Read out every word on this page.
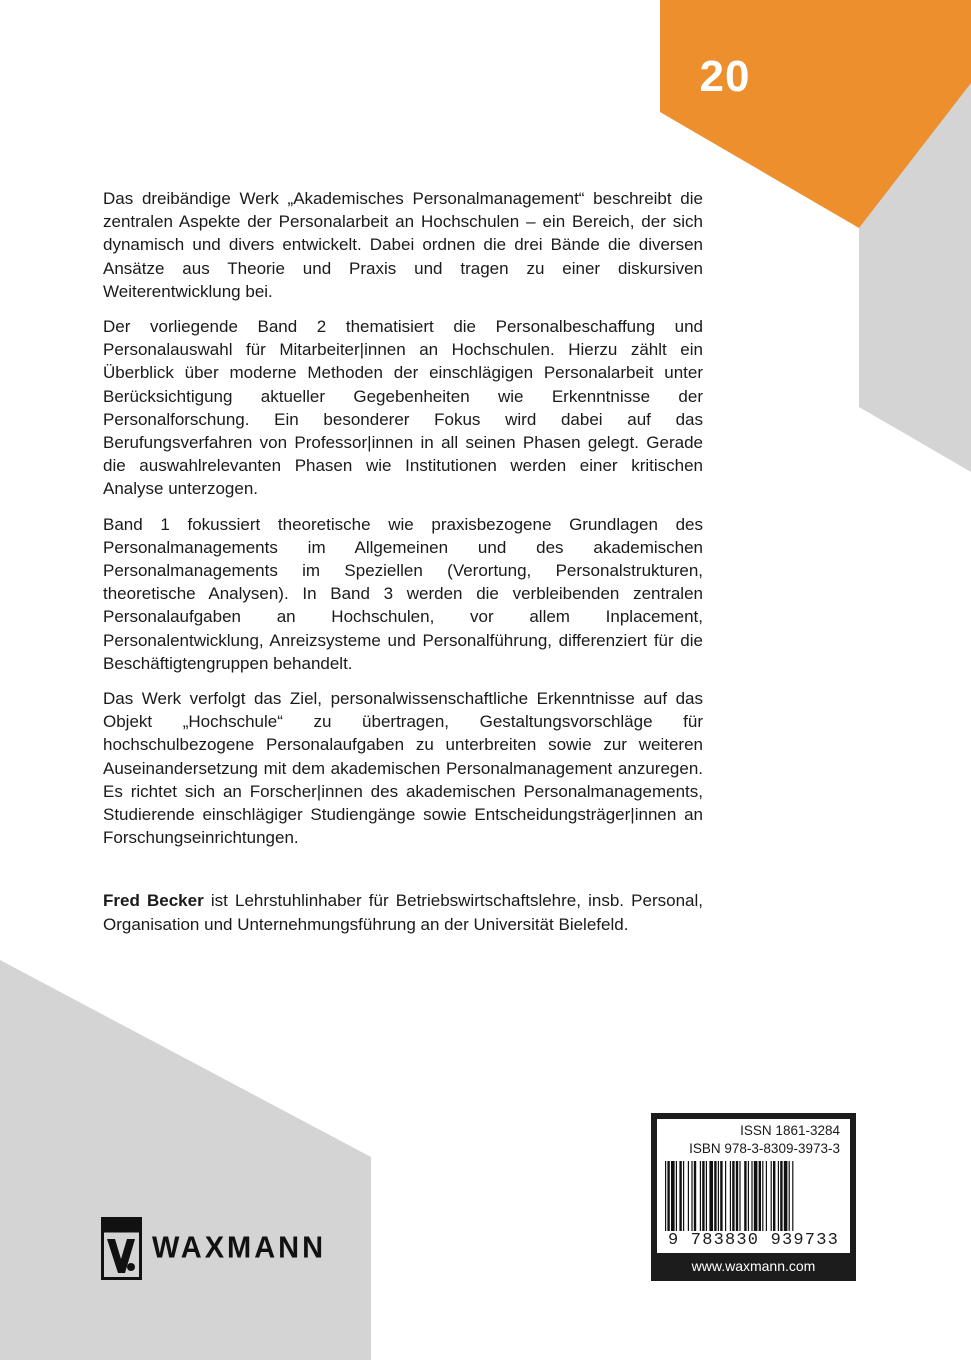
20

Das dreibändige Werk „Akademisches Personalmanagement“ beschreibt die zentralen Aspekte der Personalarbeit an Hochschulen – ein Bereich, der sich dynamisch und divers entwickelt. Dabei ordnen die drei Bände die diversen Ansätze aus Theorie und Praxis und tragen zu einer diskursiven Weiterentwicklung bei.

Der vorliegende Band 2 thematisiert die Personalbeschaffung und Personalauswahl für Mitarbeiter|innen an Hochschulen. Hierzu zählt ein Überblick über moderne Methoden der einschlägigen Personalarbeit unter Berücksichtigung aktueller Gegebenheiten wie Erkenntnisse der Personalforschung. Ein besonderer Fokus wird dabei auf das Berufungsverfahren von Professor|innen in all seinen Phasen gelegt. Gerade die auswahlrelevanten Phasen wie Institutionen werden einer kritischen Analyse unterzogen.

Band 1 fokussiert theoretische wie praxisbezogene Grundlagen des Personalmanagements im Allgemeinen und des akademischen Personalmanagements im Speziellen (Verortung, Personalstrukturen, theoretische Analysen). In Band 3 werden die verbleibenden zentralen Personalaufgaben an Hochschulen, vor allem Inplacement, Personalentwicklung, Anreizsysteme und Personalführung, differenziert für die Beschäftigtengruppen behandelt.

Das Werk verfolgt das Ziel, personalwissenschaftliche Erkenntnisse auf das Objekt „Hochschule“ zu übertragen, Gestaltungsvorschläge für hochschulbezogene Personalaufgaben zu unterbreiten sowie zur weiteren Auseinandersetzung mit dem akademischen Personalmanagement anzuregen. Es richtet sich an Forscher|innen des akademischen Personalmanagements, Studierende einschlägiger Studiengänge sowie Entscheidungsträger|innen an Forschungseinrichtungen.

Fred Becker ist Lehrstuhlinhaber für Betriebswirtschaftslehre, insb. Personal, Organisation und Unternehmungsführung an der Universität Bielefeld.

ISSN 1861-3284
ISBN 978-3-8309-3973-3
9 783830 939733
www.waxmann.com
WAXMANN
